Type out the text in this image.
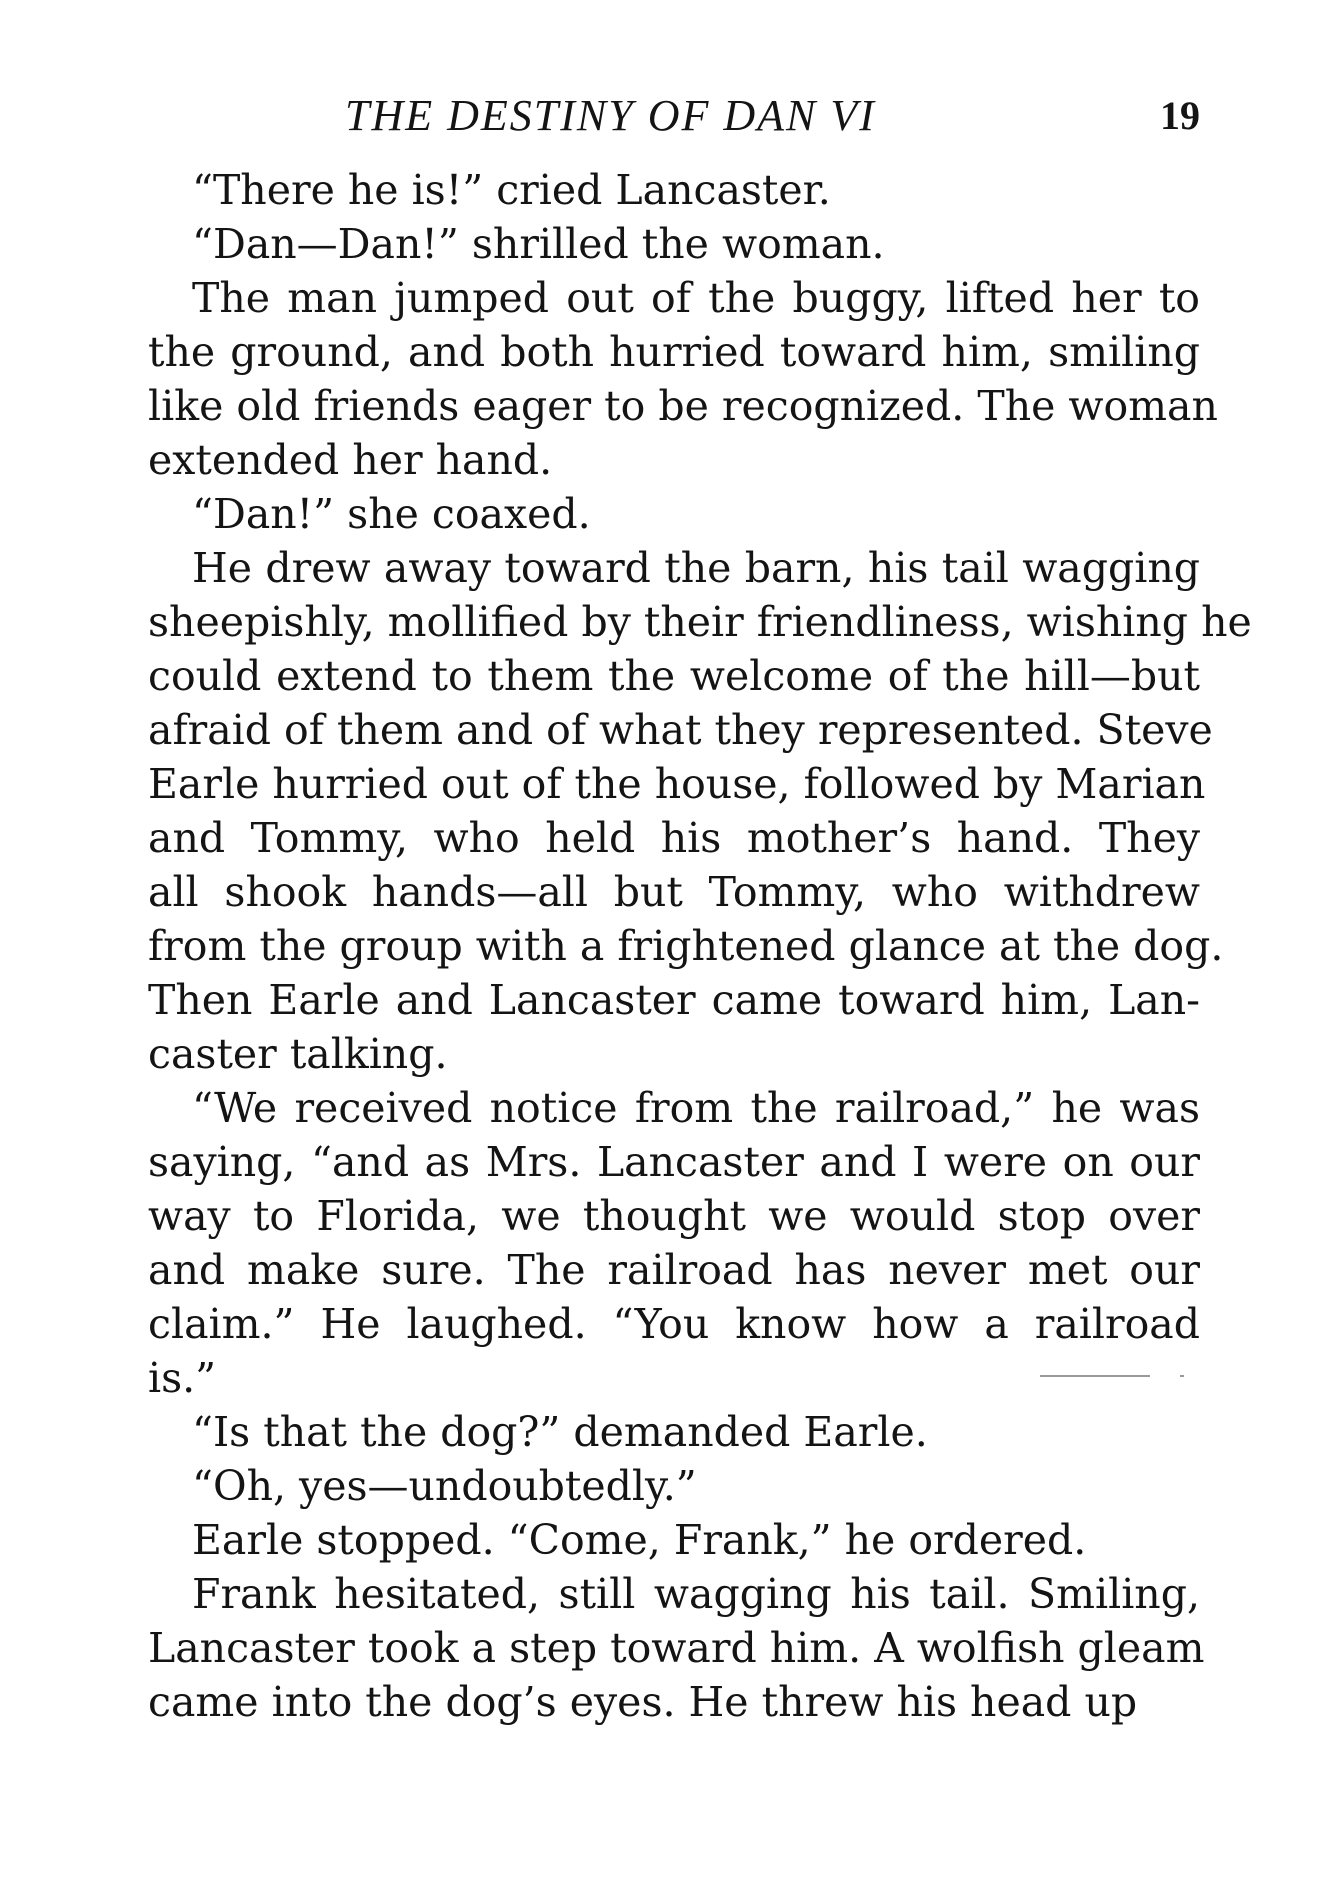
THE DESTINY OF DAN VI	19
“There he is!” cried Lancaster.
“Dan—Dan!” shrilled the woman.
The man jumped out of the buggy, lifted her to
the ground, and both hurried toward him, smiling
like old friends eager to be recognized. The woman
extended her hand.
“Dan!” she coaxed.
He drew away toward the barn, his tail wagging
sheepishly, mollified by their friendliness, wishing he
could extend to them the welcome of the hill—but
afraid of them and of what they represented. Steve
Earle hurried out of the house, followed by Marian
and Tommy, who held his mother’s hand. They
all shook hands—all but Tommy, who withdrew
from the group with a frightened glance at the dog.
Then Earle and Lancaster came toward him, Lan-
caster talking.
“We received notice from the railroad,” he was
saying, “and as Mrs. Lancaster and I were on our
way to Florida, we thought we would stop over
and make sure. The railroad has never met our
claim.” He laughed. “You know how a railroad
is.”
“Is that the dog?” demanded Earle.
“Oh, yes—undoubtedly.”
Earle stopped. “Come, Frank,” he ordered.
Frank hesitated, still wagging his tail. Smiling,
Lancaster took a step toward him. A wolfish gleam
came into the dog’s eyes. He threw his head up
